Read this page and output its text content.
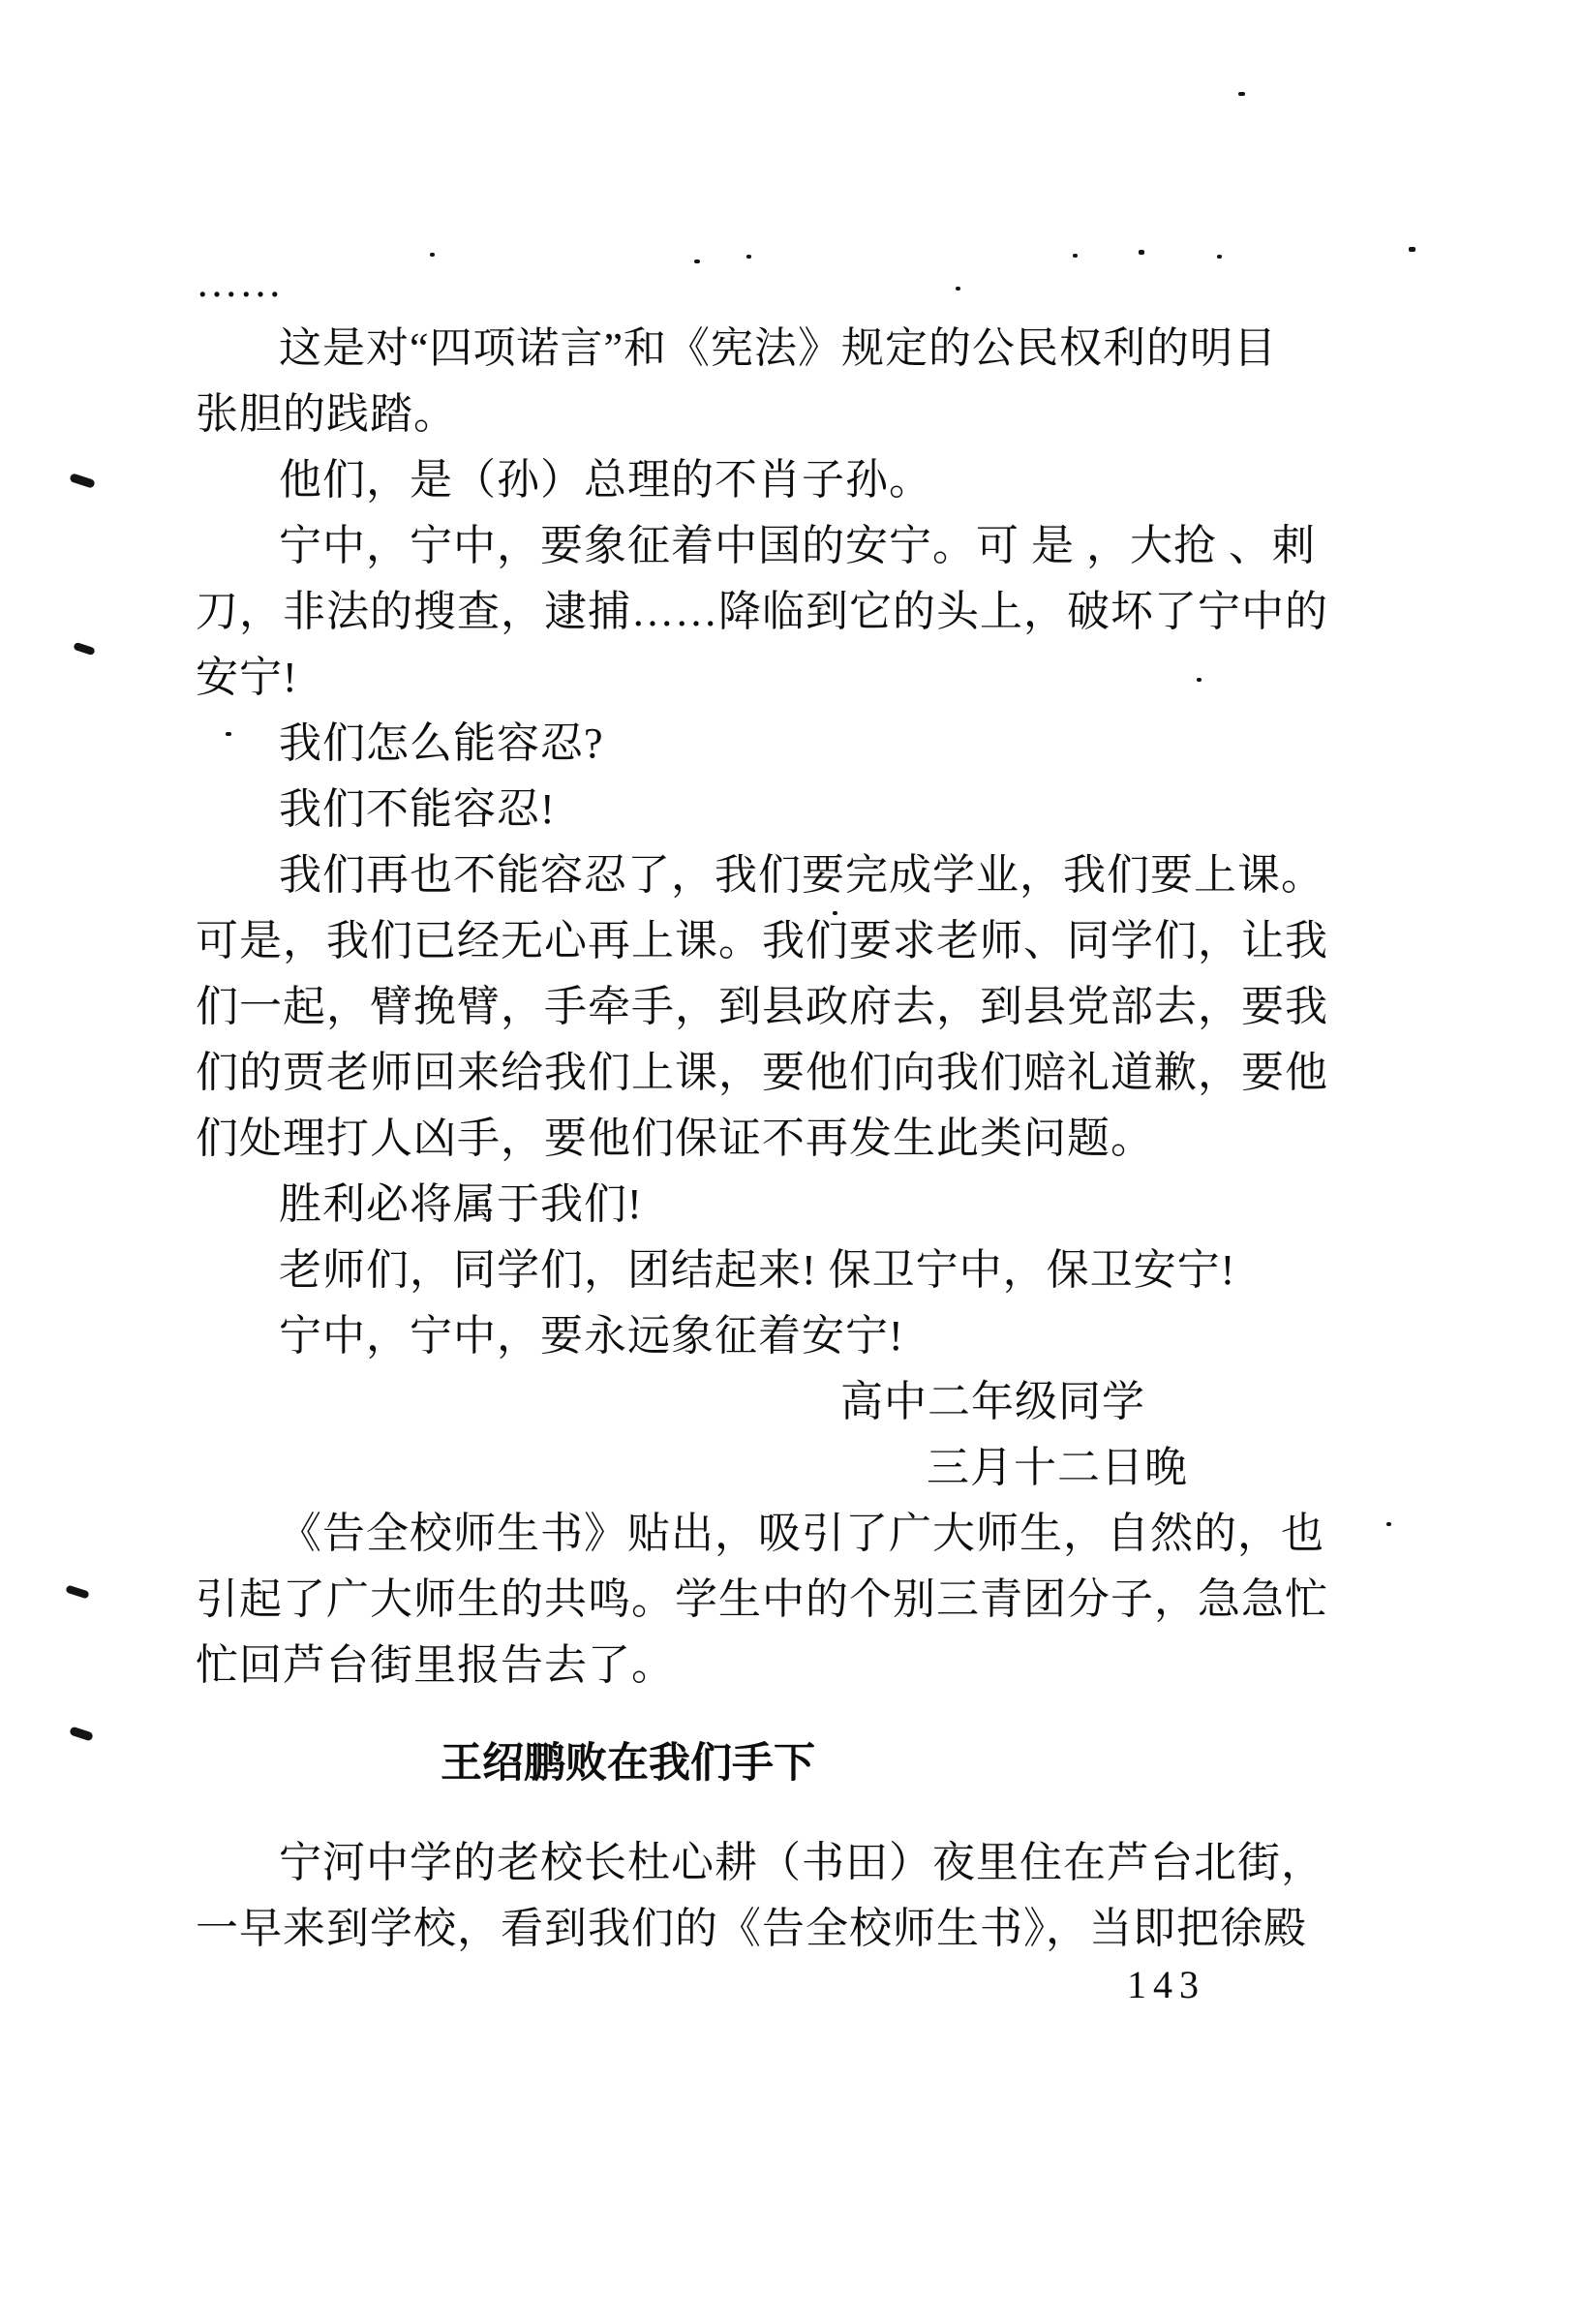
……
这是对“四项诺言”和《宪法》规定的公民权利的明目
张胆的践踏。
他们，是（孙）总理的不肖子孙。
宁中，宁中，要象征着中国的安宁。可 是 ，大抢 、剌
刀，非法的搜查，逮捕……降临到它的头上，破坏了宁中的
安宁!
我们怎么能容忍?
我们不能容忍!
我们再也不能容忍了，我们要完成学业，我们要上课。
可是，我们已经无心再上课。我们要求老师、同学们，让我
们一起，臂挽臂，手牵手，到县政府去，到县党部去，要我
们的贾老师回来给我们上课，要他们向我们赔礼道歉，要他
们处理打人凶手，要他们保证不再发生此类问题。
胜利必将属于我们!
老师们，同学们，团结起来! 保卫宁中，保卫安宁!
宁中，宁中，要永远象征着安宁!
高中二年级同学
三月十二日晚
《告全校师生书》贴出，吸引了广大师生，自然的，也
引起了广大师生的共鸣。学生中的个别三青团分子，急急忙
忙回芦台街里报告去了。
王绍鹏败在我们手下
宁河中学的老校长杜心耕（书田）夜里住在芦台北街，
一早来到学校，看到我们的《告全校师生书》，当即把徐殿
143
